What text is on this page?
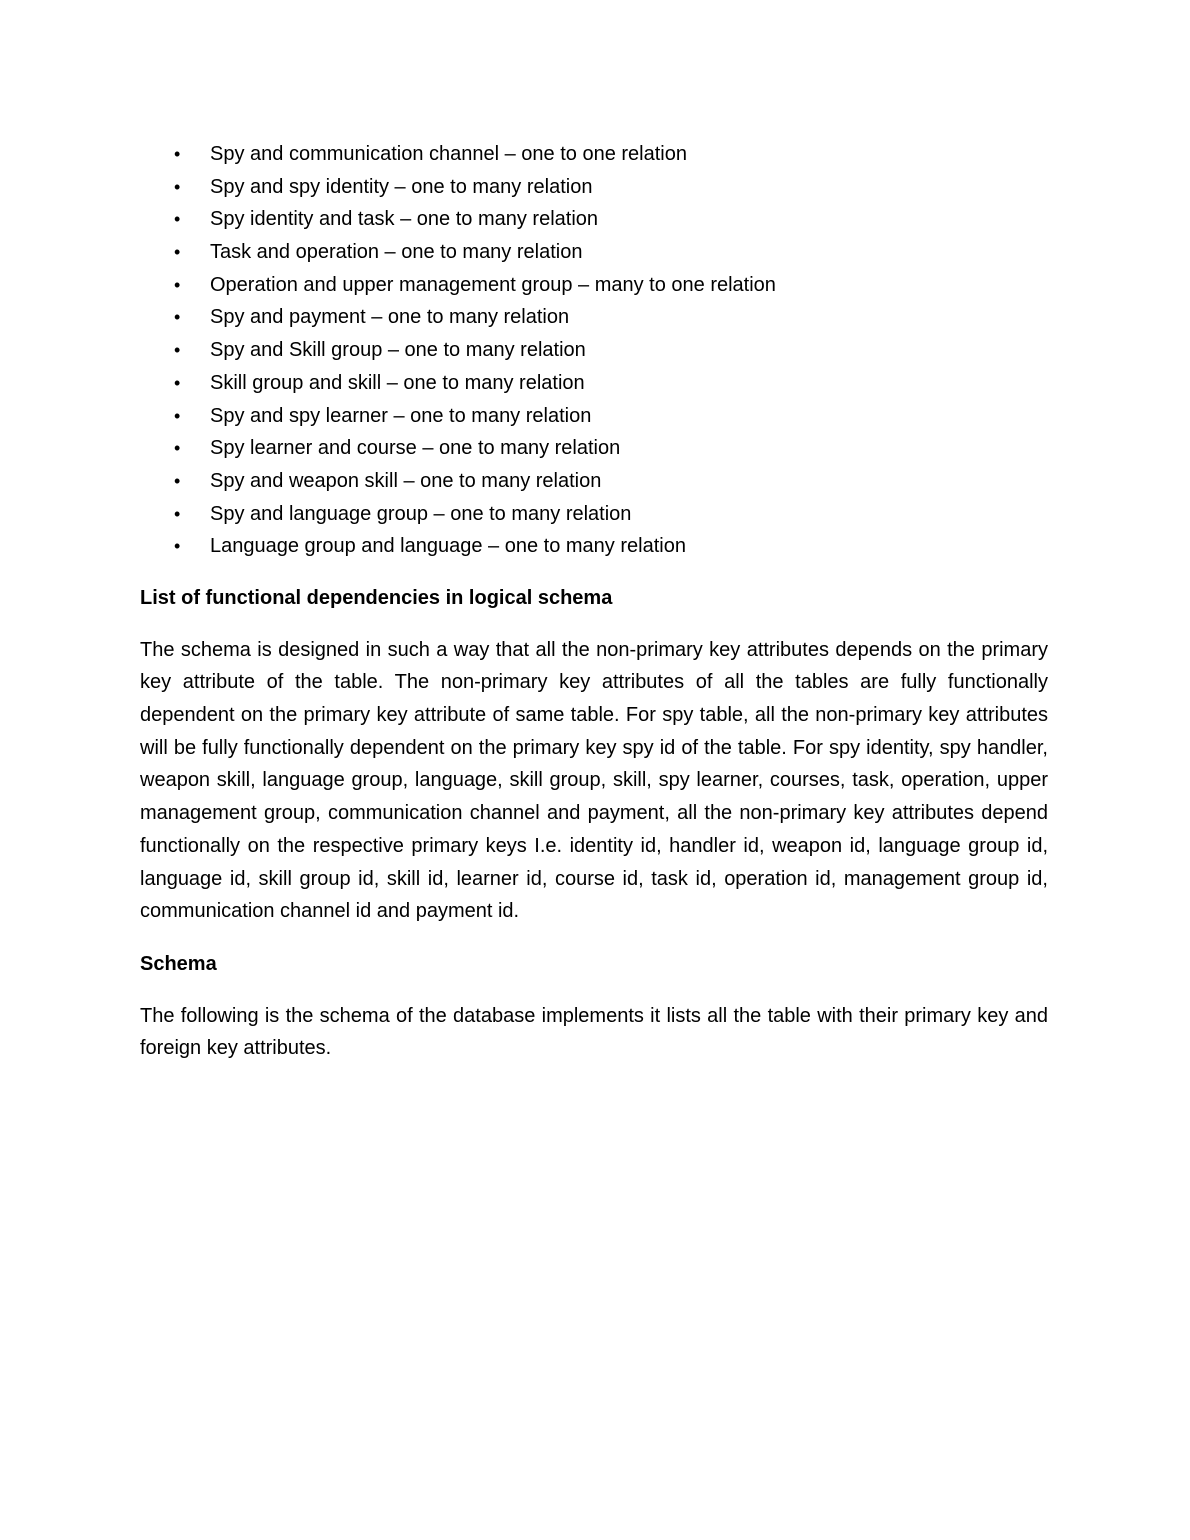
• Spy and communication channel – one to one relation
• Spy and spy identity – one to many relation
• Spy identity and task – one to many relation
• Task and operation – one to many relation
• Operation and upper management group – many to one relation
• Spy and payment – one to many relation
• Spy and Skill group – one to many relation
• Skill group and skill – one to many relation
• Spy and spy learner – one to many relation
• Spy learner and course – one to many relation
• Spy and weapon skill – one to many relation
• Spy and language group – one to many relation
• Language group and language – one to many relation
List of functional dependencies in logical schema

The schema is designed in such a way that all the non-primary key attributes depends on the primary key attribute of the table. The non-primary key attributes of all the tables are fully functionally dependent on the primary key attribute of same table. For spy table, all the non-primary key attributes will be fully functionally dependent on the primary key spy id of the table. For spy identity, spy handler, weapon skill, language group, language, skill group, skill, spy learner, courses, task, operation, upper management group, communication channel and payment, all the non-primary key attributes depend functionally on the respective primary keys I.e. identity id, handler id, weapon id, language group id, language id, skill group id, skill id, learner id, course id, task id, operation id, management group id, communication channel id and payment id.

Schema

The following is the schema of the database implements it lists all the table with their primary key and foreign key attributes.
